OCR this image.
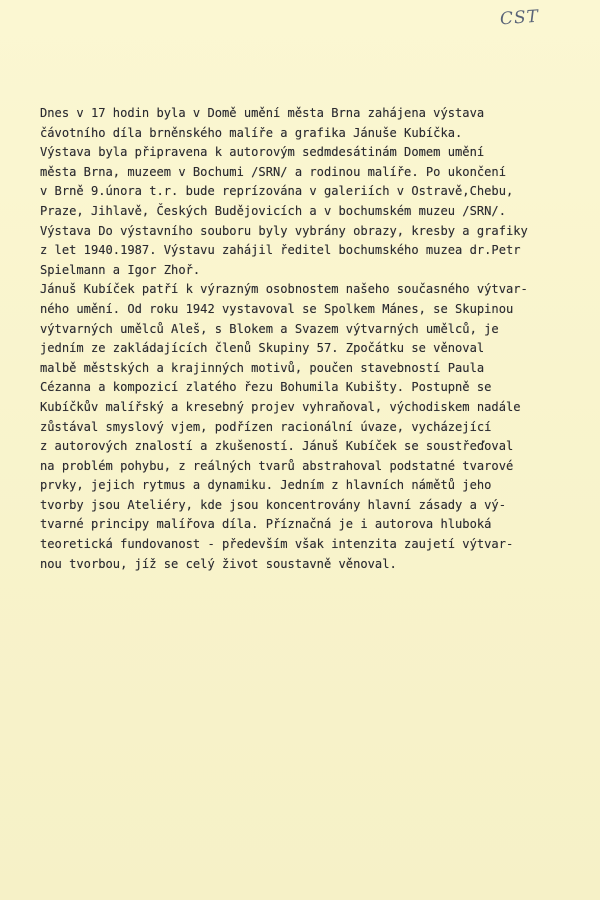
CST
Dnes v 17 hodin byla v Domě umění města Brna zahájena výstava
čávotního díla brněnského malíře a grafika Jánuše Kubíčka.
Výstava byla připravena k autorovým sedmdesátinám Domem umění
města Brna, muzeem v Bochumi /SRN/ a rodinou malíře. Po ukončení
v Brně 9.února t.r. bude reprízována v galeriích v Ostravě,Chebu,
Praze, Jihlavě, Českých Budějovicích a v bochumském muzeu /SRN/.
Výstava Do výstavního souboru byly vybrány obrazy, kresby a grafiky
z let 1940.1987. Výstavu zahájil ředitel bochumského muzea dr.Petr
Spielmann a Igor Zhoř.
Jánuš Kubíček patří k výrazným osobnostem našeho současného výtvar-
ného umění. Od roku 1942 vystavoval se Spolkem Mánes, se Skupinou
výtvarných umělců Aleš, s Blokem a Svazem výtvarných umělců, je
jedním ze zakládajících členů Skupiny 57. Zpočátku se věnoval
malbě městských a krajinných motivů, poučen stavebností Paula
Cézanna a kompozicí zlatého řezu Bohumila Kubišty. Postupně se
Kubíčkův malířský a kresebný projev vyhraňoval, východiskem nadále
zůstával smyslový vjem, podřízen racionální úvaze, vycházející
z autorových znalostí a zkušeností. Jánuš Kubíček se soustřeďoval
na problém pohybu, z reálných tvarů abstrahoval podstatné tvarové
prvky, jejich rytmus a dynamiku. Jedním z hlavních námětů jeho
tvorby jsou Ateliéry, kde jsou koncentrovány hlavní zásady a vý-
tvarné principy malířova díla. Příznačná je i autorova hluboká
teoretická fundovanost - především však intenzita zaujetí výtvar-
nou tvorbou, jíž se celý život soustavně věnoval.
